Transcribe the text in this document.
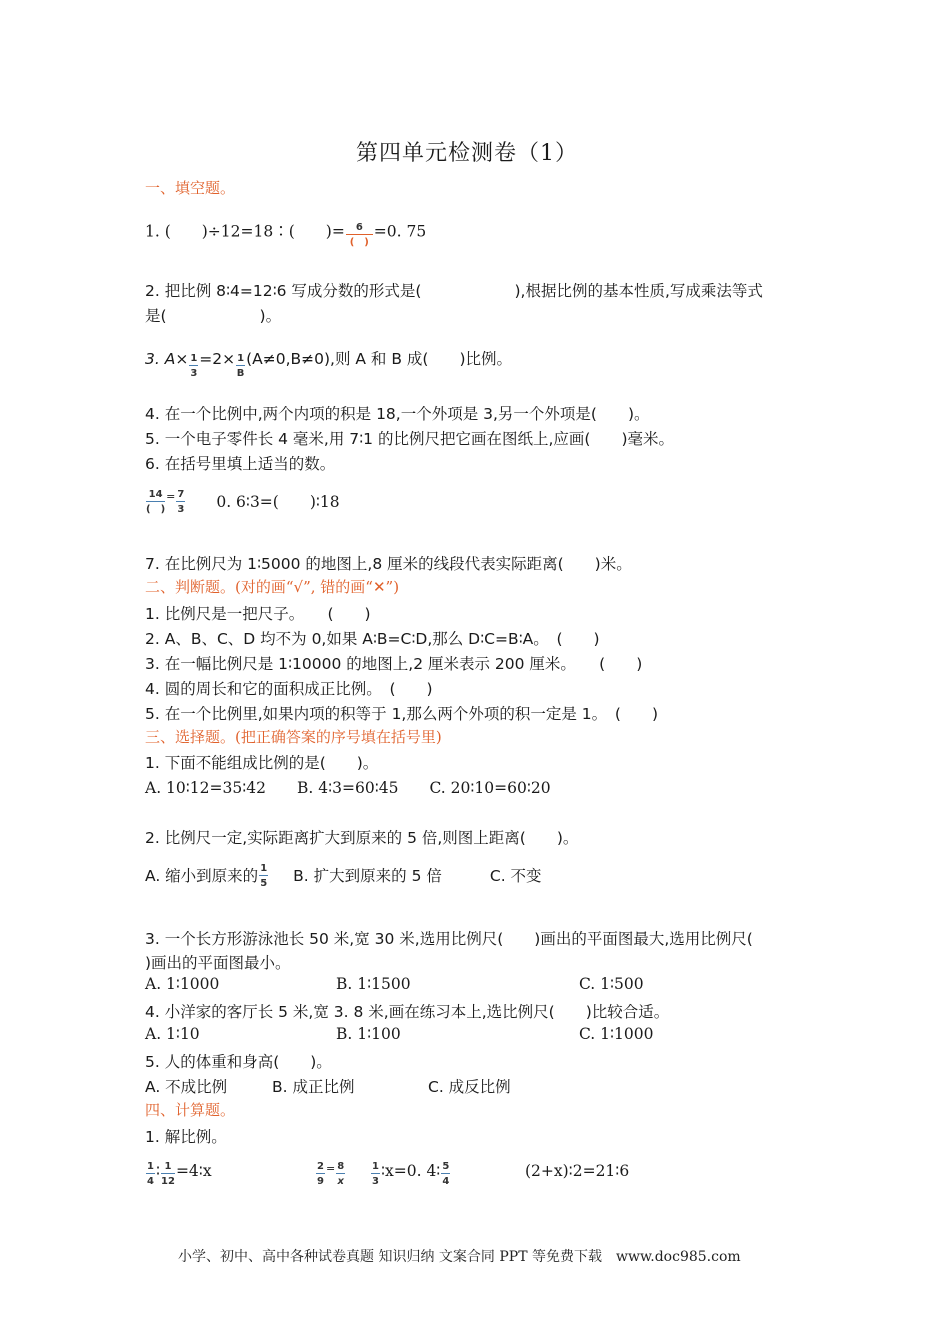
第四单元检测卷（1）
一、填空题。
1. (　　)÷12=18∶(　　)= $\frac{6}{( )} =0$. 75
2. 把比例 8∶4=12∶6 写成分数的形式是(　　　　　　),根据比例的基本性质,写成乘法等式
是(　　　　　　)。
3. $A\times \frac{1}{3} =2\times \frac{1}{B} (A\ne 0,B\ne 0)$,则 A 和 B 成(　　)比例。
4. 在一个比例中,两个内项的积是 18,一个外项是 3,另一个外项是(　　)。
5. 一个电子零件长 4 毫米,用 7∶1 的比例尺把它画在图纸上,应画(　　)毫米。
6. 在括号里填上适当的数。
$\frac{14}{( )} ^= \frac{7}{3} 0$. 6∶3=(　　)∶18
7. 在比例尺为 1∶5000 的地图上,8 厘米的线段代表实际距离(　　)米。
二、判断题。(对的画“√”, 错的画“✕”)
1. 比例尺是一把尺子。　　(　　)
2. A、B、C、D 均不为 0,如果 A∶B=C∶D,那么 D∶C=B∶A。　(　　)
3. 在一幅比例尺是 1∶10000 的地图上,2 厘米表示 200 厘米。　　(　　)
4. 圆的周长和它的面积成正比例。　(　　)
5. 在一个比例里,如果内项的积等于 1,那么两个外项的积一定是 1。　(　　)
三、选择题。(把正确答案的序号填在括号里)
1. 下面不能组成比例的是(　　)。
A. 10∶12=35∶42　　B. 4∶3=60∶45　　C. 20∶10=60∶20
2. 比例尺一定,实际距离扩大到原来的 5 倍,则图上距离(　　)。
A. 缩小到原来的 $\frac{1}{5} B$. 扩大到原来的 5 倍	C. 不变
3. 一个长方形游泳池长 50 米,宽 30 米,选用比例尺(　　)画出的平面图最大,选用比例尺(
)画出的平面图最小。
A. 1∶1000	B. 1∶1500	C. 1∶500
4. 小洋家的客厅长 5 米,宽 3. 8 米,画在练习本上,选比例尺(　　)比较合适。
A. 1∶10	B. 1∶100	C. 1∶1000
5. 人的体重和身高(　　)。
A. 不成比例	B. 成正比例	C. 成反比例
四、计算题。
1. 解比例。
$\frac{1}{4}$ ∶ $\frac{1}{12}$ =4∶x	$\frac{2}{9} ^= \frac{8}{x}$	$\frac{1}{3}$ ∶x=0. 4∶ $\frac{5}{4}$	(2+x)∶2=21∶6
小学、初中、高中各种试卷真题 知识归纳 文案合同 PPT 等免费下载　www.doc985.com
